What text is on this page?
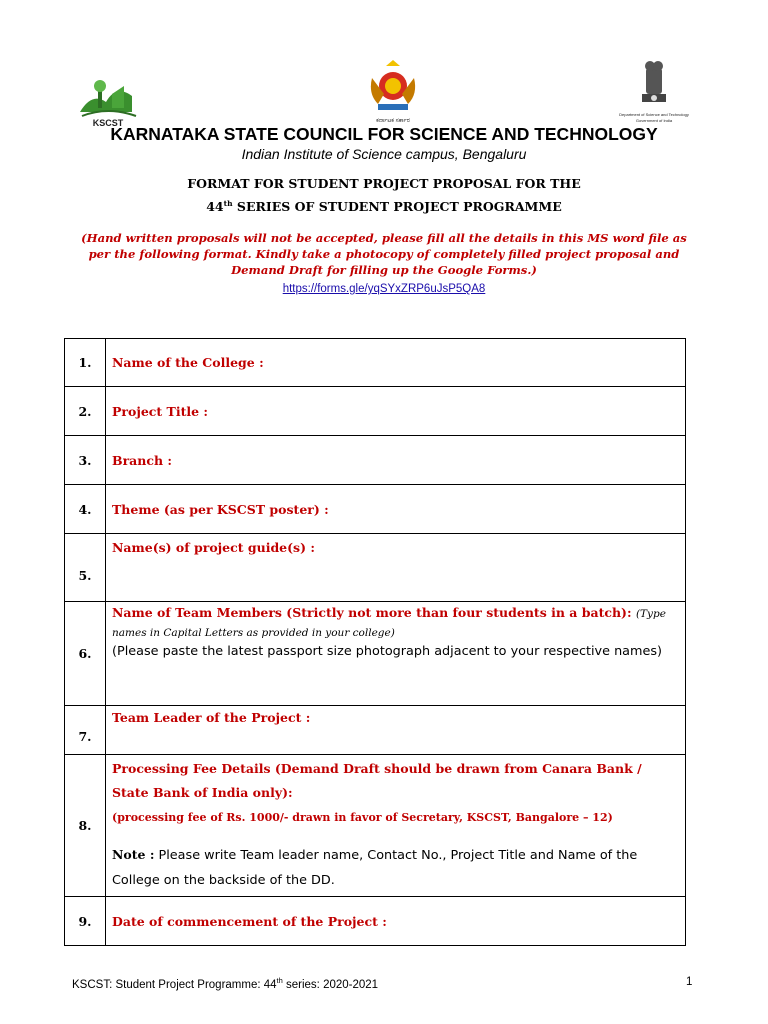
KSCST	ಕರ್ನಾಟಕ ಸರ್ಕಾರ
Department of Science and Technology
Government of India
KARNATAKA STATE COUNCIL FOR SCIENCE AND TECHNOLOGY
Indian Institute of Science campus, Bengaluru
FORMAT FOR STUDENT PROJECT PROPOSAL FOR THE
44th SERIES OF STUDENT PROJECT PROGRAMME
(Hand written proposals will not be accepted, please fill all the details in this MS word file as per the following format. Kindly take a photocopy of completely filled project proposal and Demand Draft for filling up the Google Forms.)
https://forms.gle/yqSYxZRP6uJsP5QA8
1.	Name of the College :
2.	Project Title :
3.	Branch :
4.	Theme (as per KSCST poster) :
5.	Name(s) of project guide(s) :
6.	Name of Team Members (Strictly not more than four students in a batch): (Type names in Capital Letters as provided in your college)
(Please paste the latest passport size photograph adjacent to your respective names)
7.	Team Leader of the Project :
8.	Processing Fee Details (Demand Draft should be drawn from Canara Bank / State Bank of India only):
(processing fee of Rs. 1000/- drawn in favor of Secretary, KSCST, Bangalore – 12)

Note : Please write Team leader name, Contact No., Project Title and Name of the College on the backside of the DD.
9.	Date of commencement of the Project :
KSCST: Student Project Programme: 44th series: 2020-2021	1
